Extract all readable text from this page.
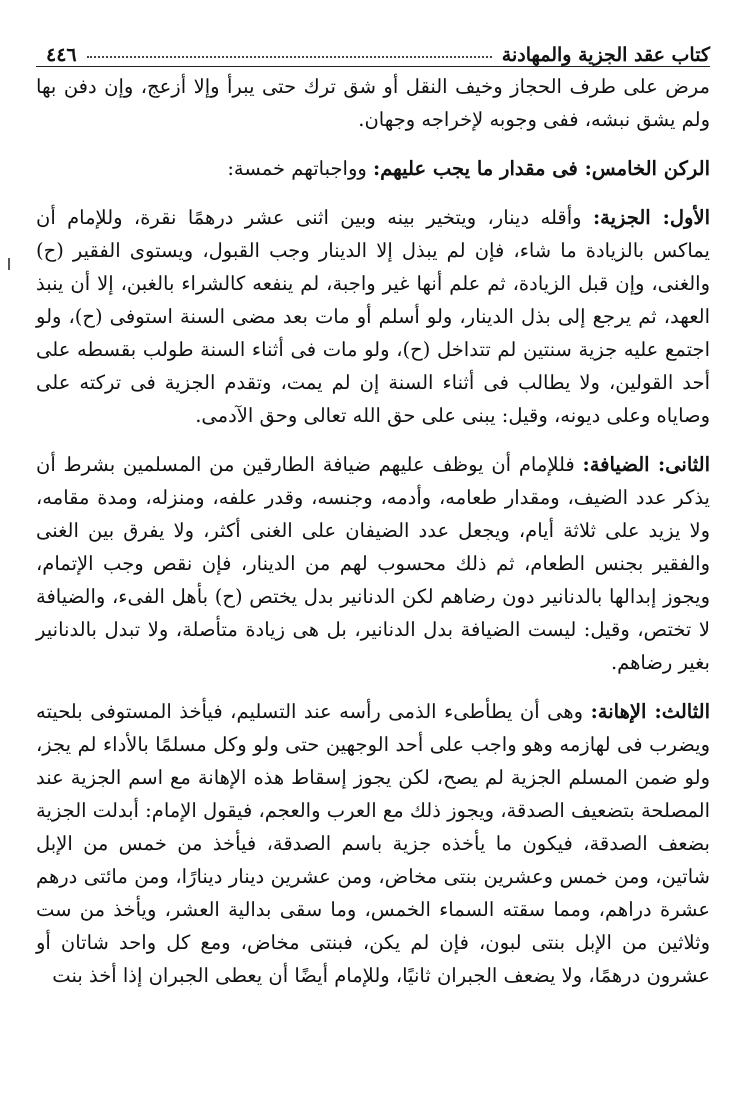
٤٤٦	كتاب عقد الجزية والمهادنة

مرض على طرف الحجاز وخيف النقل أو شق ترك حتى يبرأ وإلا أزعج، وإن دفن بها ولم يشق نبشه، ففى وجوبه لإخراجه وجهان.

الركن الخامس: فى مقدار ما يجب عليهم: وواجباتهم خمسة:

الأول: الجزية: وأقله دينار، ويتخير بينه وبين اثنى عشر درهمًا نقرة، وللإمام أن يماكس بالزيادة ما شاء، فإن لم يبذل إلا الدينار وجب القبول، ويستوى الفقير (ح) والغنى، وإن قبل الزيادة، ثم علم أنها غير واجبة، لم ينفعه كالشراء بالغبن، إلا أن ينبذ العهد، ثم يرجع إلى بذل الدينار، ولو أسلم أو مات بعد مضى السنة استوفى (ح)، ولو اجتمع عليه جزية سنتين لم تتداخل (ح)، ولو مات فى أثناء السنة طولب بقسطه على أحد القولين، ولا يطالب فى أثناء السنة إن لم يمت، وتقدم الجزية فى تركته على وصاياه وعلى ديونه، وقيل: يبنى على حق الله تعالى وحق الآدمى.

الثانى: الضيافة: فللإمام أن يوظف عليهم ضيافة الطارقين من المسلمين بشرط أن يذكر عدد الضيف، ومقدار طعامه، وأدمه، وجنسه، وقدر علفه، ومنزله، ومدة مقامه، ولا يزيد على ثلاثة أيام، ويجعل عدد الضيفان على الغنى أكثر، ولا يفرق بين الغنى والفقير بجنس الطعام، ثم ذلك محسوب لهم من الدينار، فإن نقص وجب الإتمام، ويجوز إبدالها بالدنانير دون رضاهم لكن الدنانير بدل يختص (ح) بأهل الفىء، والضيافة لا تختص، وقيل: ليست الضيافة بدل الدنانير، بل هى زيادة متأصلة، ولا تبدل بالدنانير بغير رضاهم.

الثالث: الإهانة: وهى أن يطأطىء الذمى رأسه عند التسليم، فيأخذ المستوفى بلحيته ويضرب فى لهازمه وهو واجب على أحد الوجهين حتى ولو وكل مسلمًا بالأداء لم يجز، ولو ضمن المسلم الجزية لم يصح، لكن يجوز إسقاط هذه الإهانة مع اسم الجزية عند المصلحة بتضعيف الصدقة، ويجوز ذلك مع العرب والعجم، فيقول الإمام: أبدلت الجزية بضعف الصدقة، فيكون ما يأخذه جزية باسم الصدقة، فيأخذ من خمس من الإبل شاتين، ومن خمس وعشرين بنتى مخاض، ومن عشرين دينار دينارًا، ومن مائتى درهم عشرة دراهم، ومما سقته السماء الخمس، وما سقى بدالية العشر، ويأخذ من ست وثلاثين من الإبل بنتى لبون، فإن لم يكن، فبنتى مخاض، ومع كل واحد شاتان أو عشرون درهمًا، ولا يضعف الجبران ثانيًا، وللإمام أيضًا أن يعطى الجبران إذا أخذ بنت
